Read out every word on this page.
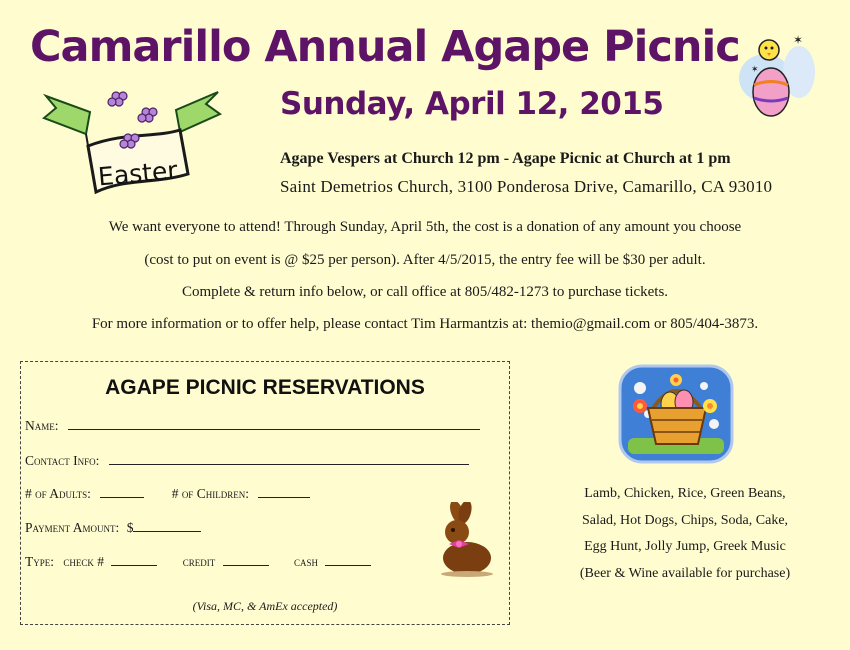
Camarillo Annual Agape Picnic
Sunday, April 12, 2015
Easter
✶
✶
Agape Vespers at Church 12 pm - Agape Picnic at Church at 1 pm
Saint Demetrios Church, 3100 Ponderosa Drive, Camarillo, CA 93010
We want everyone to attend! Through Sunday, April 5th, the cost is a donation of any amount you choose
(cost to put on event is @ $25 per person). After 4/5/2015, the entry fee will be $30 per adult.
Complete & return info below, or call office at 805/482-1273 to purchase tickets.
For more information or to offer help, please contact Tim Harmantzis at: themio@gmail.com or 805/404-3873.
AGAPE PICNIC RESERVATIONS
Name:
Contact Info:
# of Adults:	# of Children:
Payment Amount: $
Type: check #	credit	cash
(Visa, MC, & AmEx accepted)
Lamb, Chicken, Rice, Green Beans,
Salad, Hot Dogs, Chips, Soda, Cake,
Egg Hunt, Jolly Jump, Greek Music
(Beer & Wine available for purchase)
